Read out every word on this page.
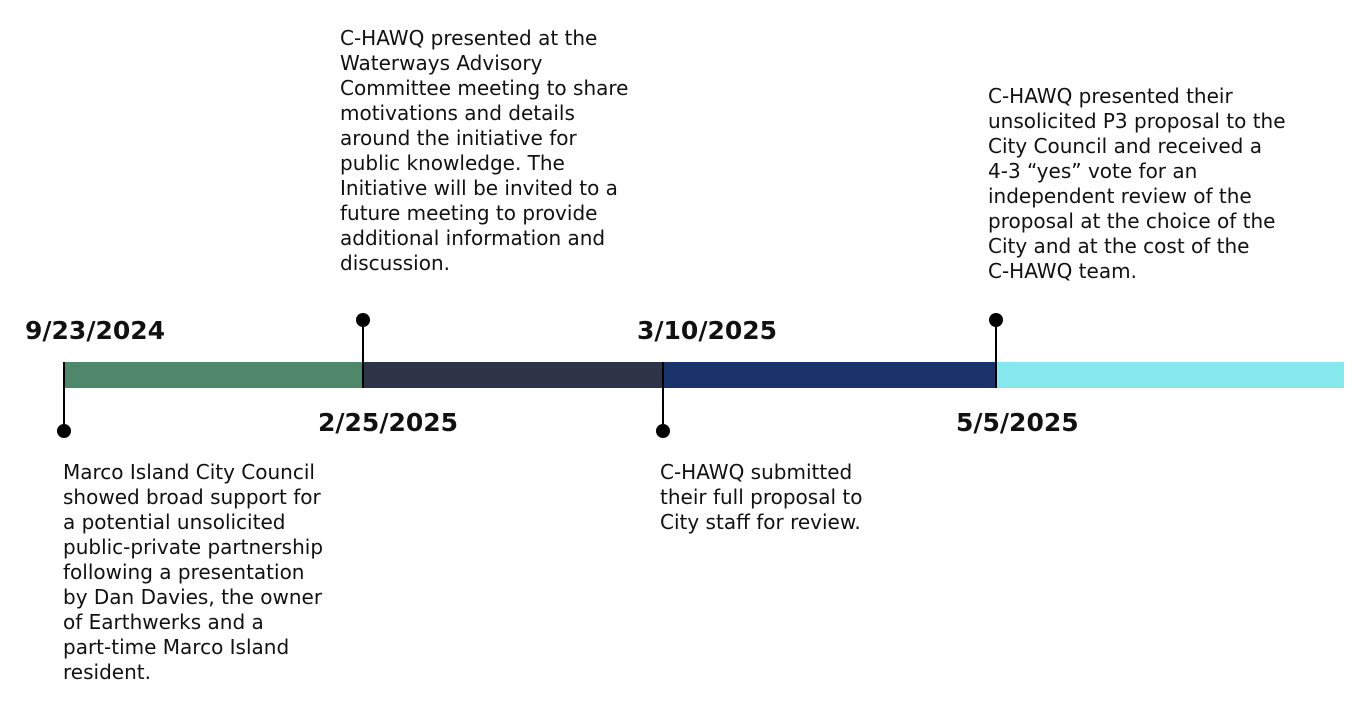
9/23/2024
Marco Island City Council
showed broad support for
a potential unsolicited
public-private partnership
following a presentation
by Dan Davies, the owner
of Earthwerks and a
part-time Marco Island
resident.
C-HAWQ presented at the
Waterways Advisory
Committee meeting to share
motivations and details
around the initiative for
public knowledge. The
Initiative will be invited to a
future meeting to provide
additional information and
discussion.
2/25/2025
3/10/2025
C-HAWQ submitted
their full proposal to
City staff for review.
C-HAWQ presented their
unsolicited P3 proposal to the
City Council and received a
4-3 “yes” vote for an
independent review of the
proposal at the choice of the
City and at the cost of the
C-HAWQ team.
5/5/2025
